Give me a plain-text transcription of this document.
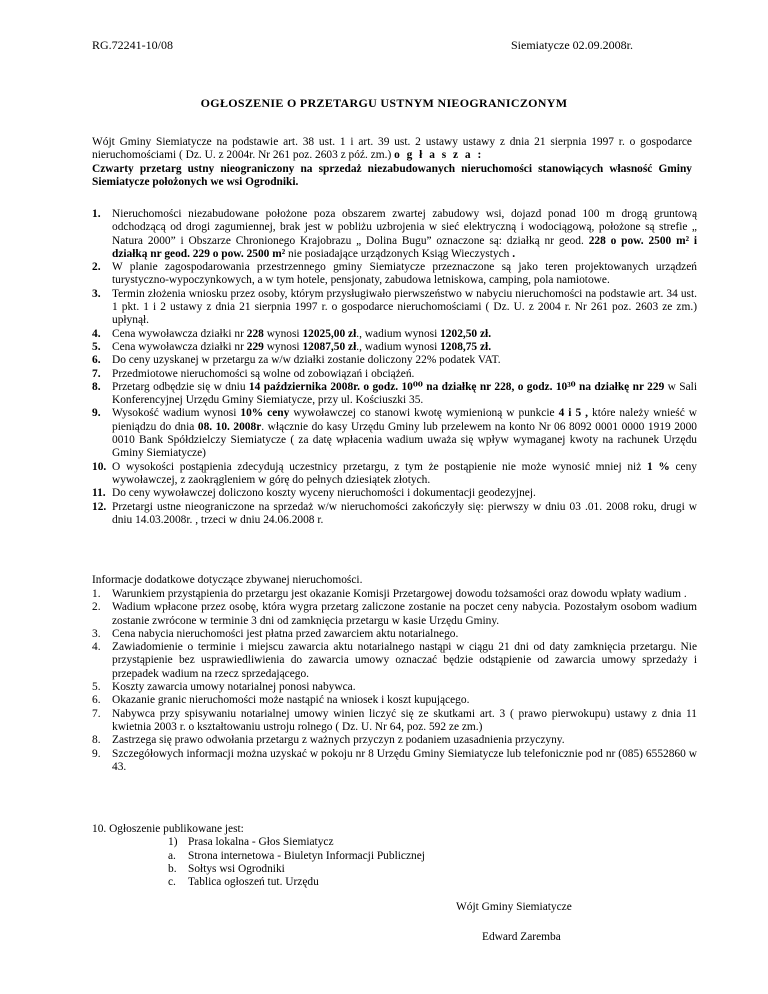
RG.72241-10/08	Siemiatycze 02.09.2008r.
OGŁOSZENIE O PRZETARGU USTNYM NIEOGRANICZONYM
Wójt Gminy Siemiatycze na podstawie art. 38 ust. 1 i art. 39 ust. 2 ustawy ustawy z dnia 21 sierpnia 1997 r. o gospodarce nieruchomościami ( Dz. U. z 2004r. Nr 261 poz. 2603 z póź. zm.) o g ł a s z a :
Czwarty przetarg ustny nieograniczony na sprzedaż niezabudowanych nieruchomości stanowiących własność Gminy Siemiatycze położonych we wsi Ogrodniki.
1. Nieruchomości niezabudowane położone poza obszarem zwartej zabudowy wsi, dojazd ponad 100 m drogą gruntową odchodzącą od drogi zagumiennej, brak jest w pobliżu uzbrojenia w sieć elektryczną i wodociągową, położone są strefie „ Natura 2000” i Obszarze Chronionego Krajobrazu „ Dolina Bugu” oznaczone są: działką nr geod. 228 o pow. 2500 m² i działką nr geod. 229 o pow. 2500 m² nie posiadające urządzonych Ksiąg Wieczystych .
2. W planie zagospodarowania przestrzennego gminy Siemiatycze przeznaczone są jako teren projektowanych urządzeń turystyczno-wypoczynkowych, a w tym hotele, pensjonaty, zabudowa letniskowa, camping, pola namiotowe.
3. Termin złożenia wniosku przez osoby, którym przysługiwało pierwszeństwo w nabyciu nieruchomości na podstawie art. 34 ust. 1 pkt. 1 i 2 ustawy z dnia 21 sierpnia 1997 r. o gospodarce nieruchomościami ( Dz. U. z 2004 r. Nr 261 poz. 2603 ze zm.) upłynął.
4. Cena wywoławcza działki nr 228 wynosi 12025,00 zł., wadium wynosi 1202,50 zł.
5. Cena wywoławcza działki nr 229 wynosi 12087,50 zł., wadium wynosi 1208,75 zł.
6. Do ceny uzyskanej w przetargu za w/w działki zostanie doliczony 22% podatek VAT.
7. Przedmiotowe nieruchomości są wolne od zobowiązań i obciążeń.
8. Przetarg odbędzie się w dniu 14 października 2008r. o godz. 10⁰⁰ na działkę nr 228, o godz. 10³⁰ na działkę nr 229 w Sali Konferencyjnej Urzędu Gminy Siemiatycze, przy ul. Kościuszki 35.
9. Wysokość wadium wynosi 10% ceny wywoławczej co stanowi kwotę wymienioną w punkcie 4 i 5 , które należy wnieść w pieniądzu do dnia 08. 10. 2008r. włącznie do kasy Urzędu Gminy lub przelewem na konto Nr 06 8092 0001 0000 1919 2000 0010 Bank Spółdzielczy Siemiatycze ( za datę wpłacenia wadium uważa się wpływ wymaganej kwoty na rachunek Urzędu Gminy Siemiatycze)
10. O wysokości postąpienia zdecydują uczestnicy przetargu, z tym że postąpienie nie może wynosić mniej niż 1 % ceny wywoławczej, z zaokrągleniem w górę do pełnych dziesiątek złotych.
11. Do ceny wywoławczej doliczono koszty wyceny nieruchomości i dokumentacji geodezyjnej.
12. Przetargi ustne nieograniczone na sprzedaż w/w nieruchomości zakończyły się: pierwszy w dniu 03 .01. 2008 roku, drugi w dniu 14.03.2008r. , trzeci w dniu 24.06.2008 r.

Informacje dodatkowe dotyczące zbywanej nieruchomości.

1. Warunkiem przystąpienia do przetargu jest okazanie Komisji Przetargowej dowodu tożsamości oraz dowodu wpłaty wadium .
2. Wadium wpłacone przez osobę, która wygra przetarg zaliczone zostanie na poczet ceny nabycia. Pozostałym osobom wadium zostanie zwrócone w terminie 3 dni od zamknięcia przetargu w kasie Urzędu Gminy.
3. Cena nabycia nieruchomości jest płatna przed zawarciem aktu notarialnego.
4. Zawiadomienie o terminie i miejscu zawarcia aktu notarialnego nastąpi w ciągu 21 dni od daty zamknięcia przetargu. Nie przystąpienie bez usprawiedliwienia do zawarcia umowy oznaczać będzie odstąpienie od zawarcia umowy sprzedaży i przepadek wadium na rzecz sprzedającego.
5. Koszty zawarcia umowy notarialnej ponosi nabywca.
6. Okazanie granic nieruchomości może nastąpić na wniosek i koszt kupującego.
7. Nabywca przy spisywaniu notarialnej umowy winien liczyć się ze skutkami art. 3 ( prawo pierwokupu) ustawy z dnia 11 kwietnia 2003 r. o kształtowaniu ustroju rolnego ( Dz. U. Nr 64, poz. 592 ze zm.)
8. Zastrzega się prawo odwołania przetargu z ważnych przyczyn z podaniem uzasadnienia przyczyny.
9. Szczegółowych informacji można uzyskać w pokoju nr 8 Urzędu Gminy Siemiatycze lub telefonicznie pod nr (085) 6552860 w 43.
10. Ogłoszenie publikowane jest:
1) Prasa lokalna - Głos Siemiatycz
a. Strona internetowa - Biuletyn Informacji Publicznej
b. Sołtys wsi Ogrodniki
c. Tablica ogłoszeń tut. Urzędu
Wójt Gminy Siemiatycze
Edward Zaremba
